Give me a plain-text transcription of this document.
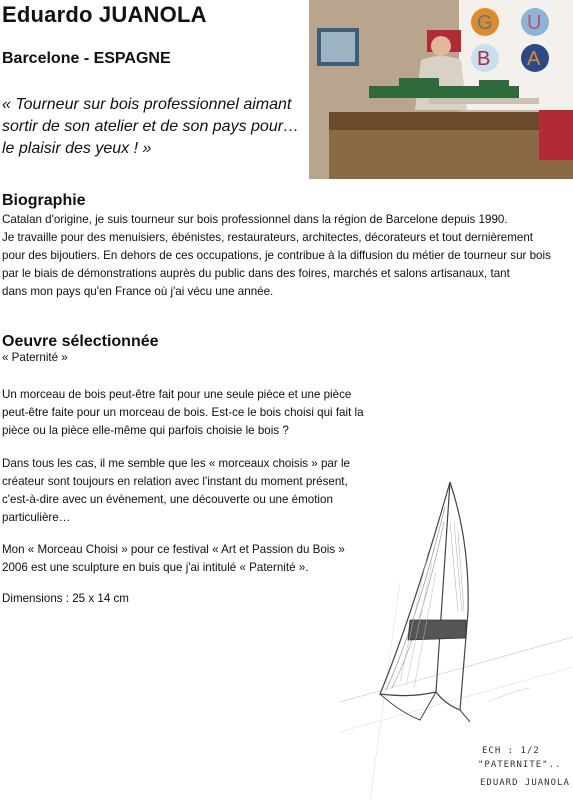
Eduardo JUANOLA
Barcelone - ESPAGNE
« Tourneur sur bois professionnel aimant
sortir de son atelier et de son pays pour…
le plaisir des yeux ! »
G U
B A
Biographie
Catalan d'origine, je suis tourneur sur bois professionnel dans la région de Barcelone depuis 1990.
Je travaille pour des menuisiers, ébénistes, restaurateurs, architectes, décorateurs et tout dernièrement
pour des bijoutiers. En dehors de ces occupations, je contribue à la diffusion du métier de tourneur sur bois
par le biais de démonstrations auprès du public dans des foires, marchés et salons artisanaux, tant
dans mon pays qu'en France où j'ai vécu une année.
Oeuvre sélectionnée
« Paternité »
Un morceau de bois peut-être fait pour une seule pièce et une pièce
peut-être faite pour un morceau de bois. Est-ce le bois choisi qui fait la
pièce ou la pièce elle-même qui parfois choisie le bois ?
Dans tous les cas, il me semble que les « morceaux choisis » par le
créateur sont toujours en relation avec l'instant du moment présent,
c'est-à-dire avec un évènement, une découverte ou une émotion
particulière…
Mon « Morceau Choisi » pour ce festival « Art et Passion du Bois »
2006 est une sculpture en buis que j'ai intitulé « Paternité ».
Dimensions : 25 x 14 cm
ECH : 1/2
"PATERNITE"..
EDUARD JUANOLA
